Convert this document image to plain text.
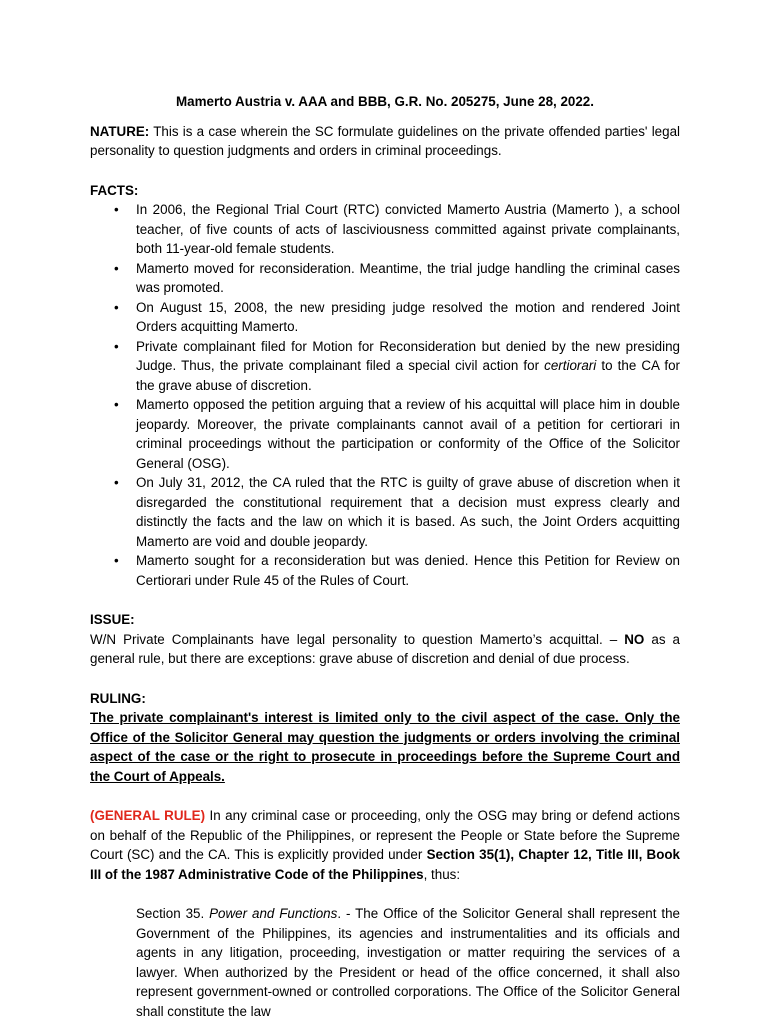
Mamerto Austria v. AAA and BBB, G.R. No. 205275, June 28, 2022.

NATURE: This is a case wherein the SC formulate guidelines on the private offended parties' legal personality to question judgments and orders in criminal proceedings.

FACTS:

•	In 2006, the Regional Trial Court (RTC) convicted Mamerto Austria (Mamerto ), a school teacher, of five counts of acts of lasciviousness committed against private complainants, both 11-year-old female students.
•	Mamerto moved for reconsideration. Meantime, the trial judge handling the criminal cases was promoted.
•	On August 15, 2008, the new presiding judge resolved the motion and rendered Joint Orders acquitting Mamerto.
•	Private complainant filed for Motion for Reconsideration but denied by the new presiding Judge. Thus, the private complainant filed a special civil action for certiorari to the CA for the grave abuse of discretion.
•	Mamerto opposed the petition arguing that a review of his acquittal will place him in double jeopardy. Moreover, the private complainants cannot avail of a petition for certiorari in criminal proceedings without the participation or conformity of the Office of the Solicitor General (OSG).
•	On July 31, 2012, the CA ruled that the RTC is guilty of grave abuse of discretion when it disregarded the constitutional requirement that a decision must express clearly and distinctly the facts and the law on which it is based. As such, the Joint Orders acquitting Mamerto are void and double jeopardy.
•	Mamerto sought for a reconsideration but was denied. Hence this Petition for Review on Certiorari under Rule 45 of the Rules of Court.

ISSUE:

W/N Private Complainants have legal personality to question Mamerto’s acquittal. – NO as a general rule, but there are exceptions: grave abuse of discretion and denial of due process.

RULING:

The private complainant's interest is limited only to the civil aspect of the case. Only the Office of the Solicitor General may question the judgments or orders involving the criminal aspect of the case or the right to prosecute in proceedings before the Supreme Court and the Court of Appeals.

(GENERAL RULE) In any criminal case or proceeding, only the OSG may bring or defend actions on behalf of the Republic of the Philippines, or represent the People or State before the Supreme Court (SC) and the CA. This is explicitly provided under Section 35(1), Chapter 12, Title III, Book III of the 1987 Administrative Code of the Philippines, thus:

Section 35. Power and Functions. - The Office of the Solicitor General shall represent the Government of the Philippines, its agencies and instrumentalities and its officials and agents in any litigation, proceeding, investigation or matter requiring the services of a lawyer. When authorized by the President or head of the office concerned, it shall also represent government-owned or controlled corporations. The Office of the Solicitor General shall constitute the law
